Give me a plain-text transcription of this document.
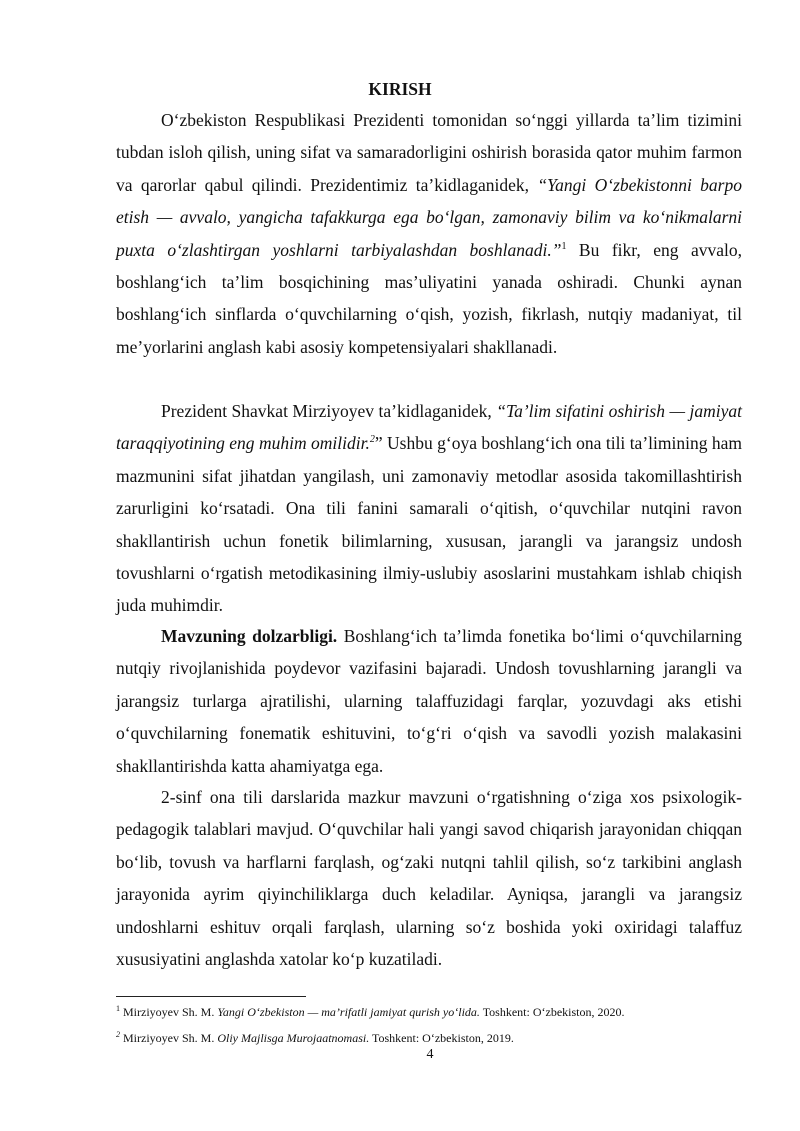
KIRISH

O‘zbekiston Respublikasi Prezidenti tomonidan so‘nggi yillarda ta’lim tizimini tubdan isloh qilish, uning sifat va samaradorligini oshirish borasida qator muhim farmon va qarorlar qabul qilindi. Prezidentimiz ta’kidlaganidek, “Yangi O‘zbekistonni barpo etish — avvalo, yangicha tafakkurga ega bo‘lgan, zamonaviy bilim va ko‘nikmalarni puxta o‘zlashtirgan yoshlarni tarbiyalashdan boshlanadi.”$^1$ Bu fikr, eng avvalo, boshlang‘ich ta’lim bosqichining mas’uliyatini yanada oshiradi. Chunki aynan boshlang‘ich sinflarda o‘quvchilarning o‘qish, yozish, fikrlash, nutqiy madaniyat, til me’yorlarini anglash kabi asosiy kompetensiyalari shakllanadi.

Prezident Shavkat Mirziyoyev ta’kidlaganidek, “Ta’lim sifatini oshirish — jamiyat taraqqiyotining eng muhim omilidir.$^2$” Ushbu g‘oya boshlang‘ich ona tili ta’limining ham mazmunini sifat jihatdan yangilash, uni zamonaviy metodlar asosida takomillashtirish zarurligini ko‘rsatadi. Ona tili fanini samarali o‘qitish, o‘quvchilar nutqini ravon shakllantirish uchun fonetik bilimlarning, xususan, jarangli va jarangsiz undosh tovushlarni o‘rgatish metodikasining ilmiy-uslubiy asoslarini mustahkam ishlab chiqish juda muhimdir.

Mavzuning dolzarbligi. Boshlang‘ich ta’limda fonetika bo‘limi o‘quvchilarning nutqiy rivojlanishida poydevor vazifasini bajaradi. Undosh tovushlarning jarangli va jarangsiz turlarga ajratilishi, ularning talaffuzidagi farqlar, yozuvdagi aks etishi o‘quvchilarning fonematik eshituvini, to‘g‘ri o‘qish va savodli yozish malakasini shakllantirishda katta ahamiyatga ega.

2-sinf ona tili darslarida mazkur mavzuni o‘rgatishning o‘ziga xos psixologik-pedagogik talablari mavjud. O‘quvchilar hali yangi savod chiqarish jarayonidan chiqqan bo‘lib, tovush va harflarni farqlash, og‘zaki nutqni tahlil qilish, so‘z tarkibini anglash jarayonida ayrim qiyinchiliklarga duch keladilar. Ayniqsa, jarangli va jarangsiz undoshlarni eshituv orqali farqlash, ularning so‘z boshida yoki oxiridagi talaffuz xususiyatini anglashda xatolar ko‘p kuzatiladi.

$^1$ Mirziyoyev Sh. M. Yangi O‘zbekiston — ma’rifatli jamiyat qurish yo‘lida. Toshkent: O‘zbekiston, 2020.

$^2$ Mirziyoyev Sh. M. Oliy Majlisga Murojaatnomasi. Toshkent: O‘zbekiston, 2019.

4
